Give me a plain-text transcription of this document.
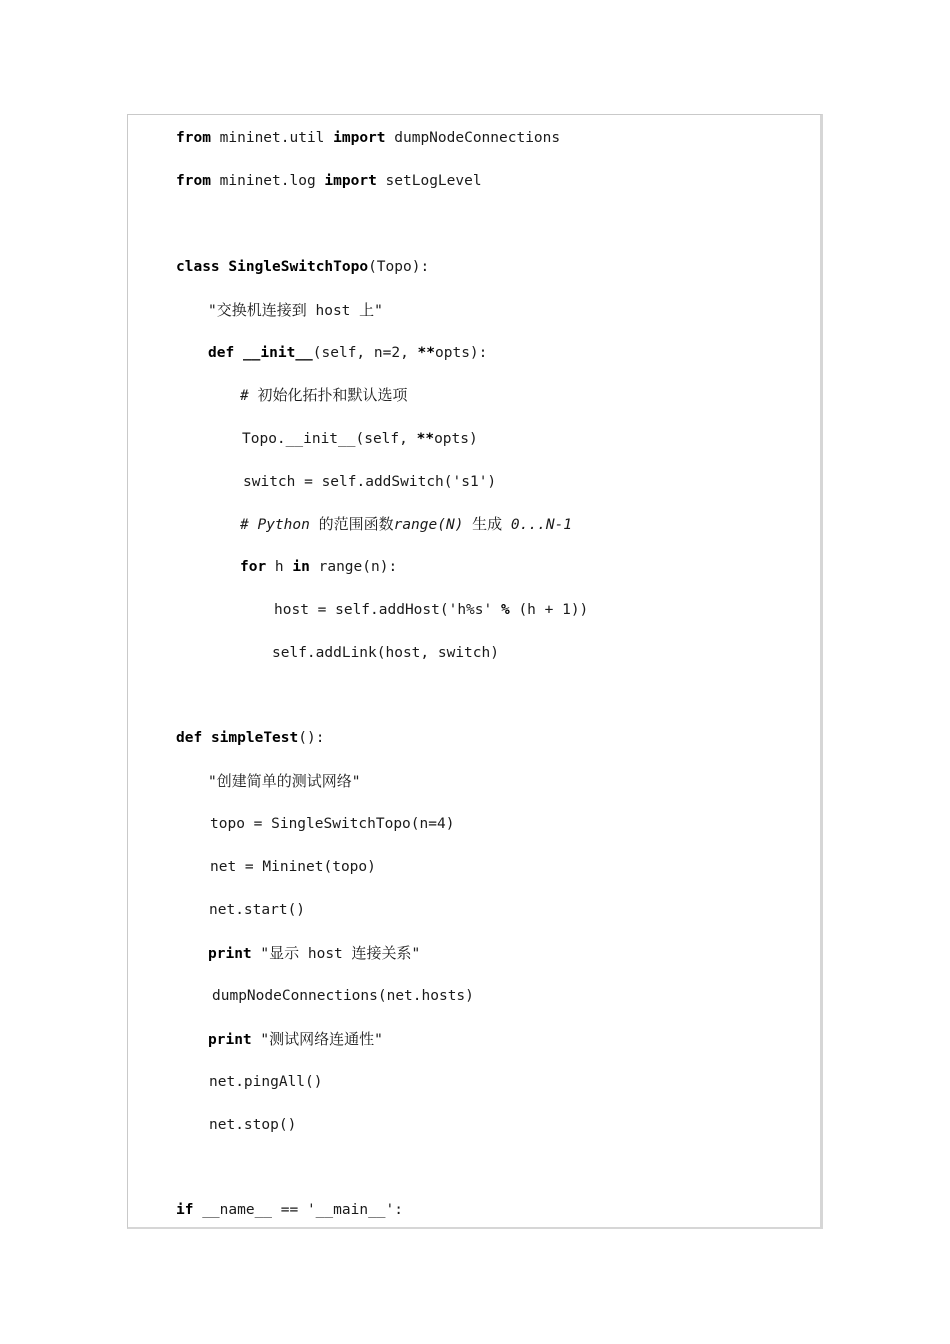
from mininet.util import dumpNodeConnections
from mininet.log import setLogLevel
class SingleSwitchTopo(Topo):
"交换机连接到 host 上"
def __init__(self, n=2, **opts):
# 初始化拓扑和默认选项
Topo.__init__(self, **opts)
switch = self.addSwitch('s1')
# Python 的范围函数range(N) 生成 0...N-1
for h in range(n):
host = self.addHost('h%s' % (h + 1))
self.addLink(host, switch)
def simpleTest():
"创建简单的测试网络"
topo = SingleSwitchTopo(n=4)
net = Mininet(topo)
net.start()
print "显示 host 连接关系"
dumpNodeConnections(net.hosts)
print "测试网络连通性"
net.pingAll()
net.stop()
if __name__ == '__main__':
